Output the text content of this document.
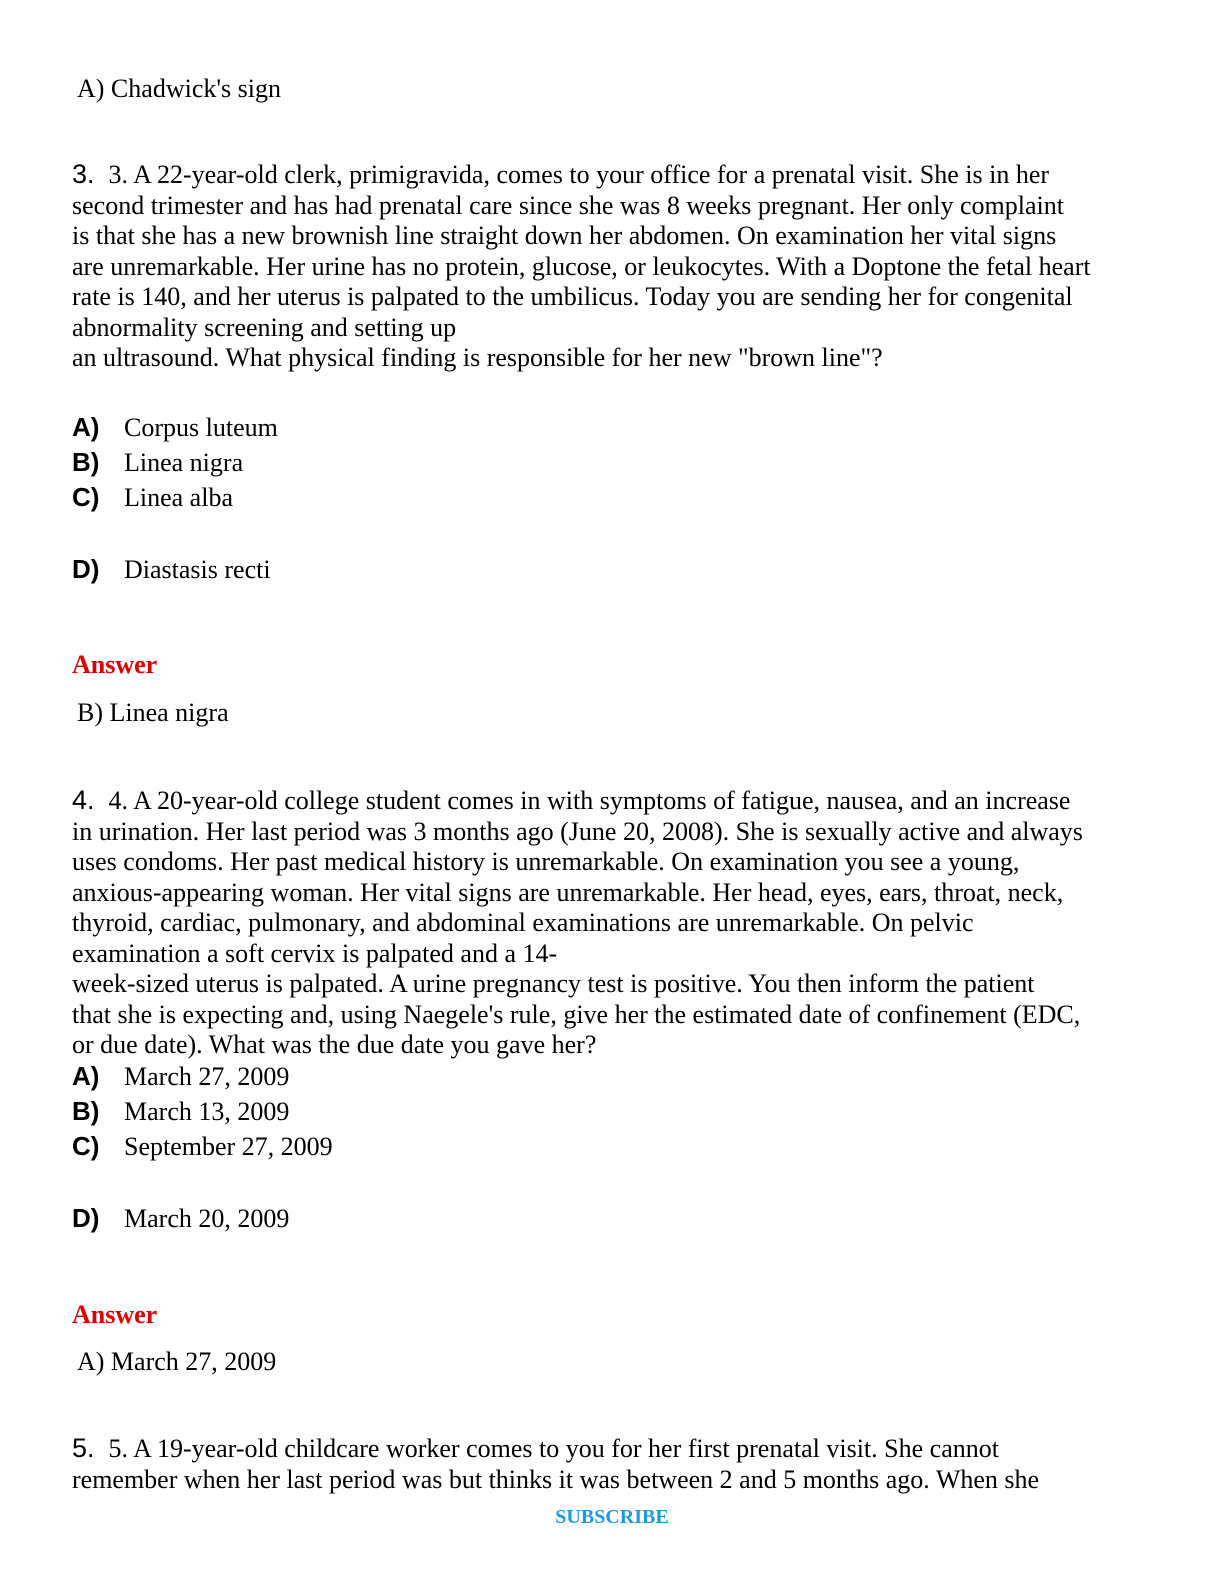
A) Chadwick's sign
3. 3. A 22-year-old clerk, primigravida, comes to your office for a prenatal visit. She is in her
second trimester and has had prenatal care since she was 8 weeks pregnant. Her only complaint
is that she has a new brownish line straight down her abdomen. On examination her vital signs
are unremarkable. Her urine has no protein, glucose, or leukocytes. With a Doptone the fetal heart
rate is 140, and her uterus is palpated to the umbilicus. Today you are sending her for congenital
abnormality screening and setting up
an ultrasound. What physical finding is responsible for her new "brown line"?
A) Corpus luteum
B) Linea nigra
C) Linea alba
D) Diastasis recti
Answer
B) Linea nigra
4. 4. A 20-year-old college student comes in with symptoms of fatigue, nausea, and an increase
in urination. Her last period was 3 months ago (June 20, 2008). She is sexually active and always
uses condoms. Her past medical history is unremarkable. On examination you see a young,
anxious-appearing woman. Her vital signs are unremarkable. Her head, eyes, ears, throat, neck,
thyroid, cardiac, pulmonary, and abdominal examinations are unremarkable. On pelvic
examination a soft cervix is palpated and a 14-
week-sized uterus is palpated. A urine pregnancy test is positive. You then inform the patient
that she is expecting and, using Naegele's rule, give her the estimated date of confinement (EDC,
or due date). What was the due date you gave her?
A) March 27, 2009
B) March 13, 2009
C) September 27, 2009
D) March 20, 2009
Answer
A) March 27, 2009
5. 5. A 19-year-old childcare worker comes to you for her first prenatal visit. She cannot
remember when her last period was but thinks it was between 2 and 5 months ago. When she
SUBSCRIBE
